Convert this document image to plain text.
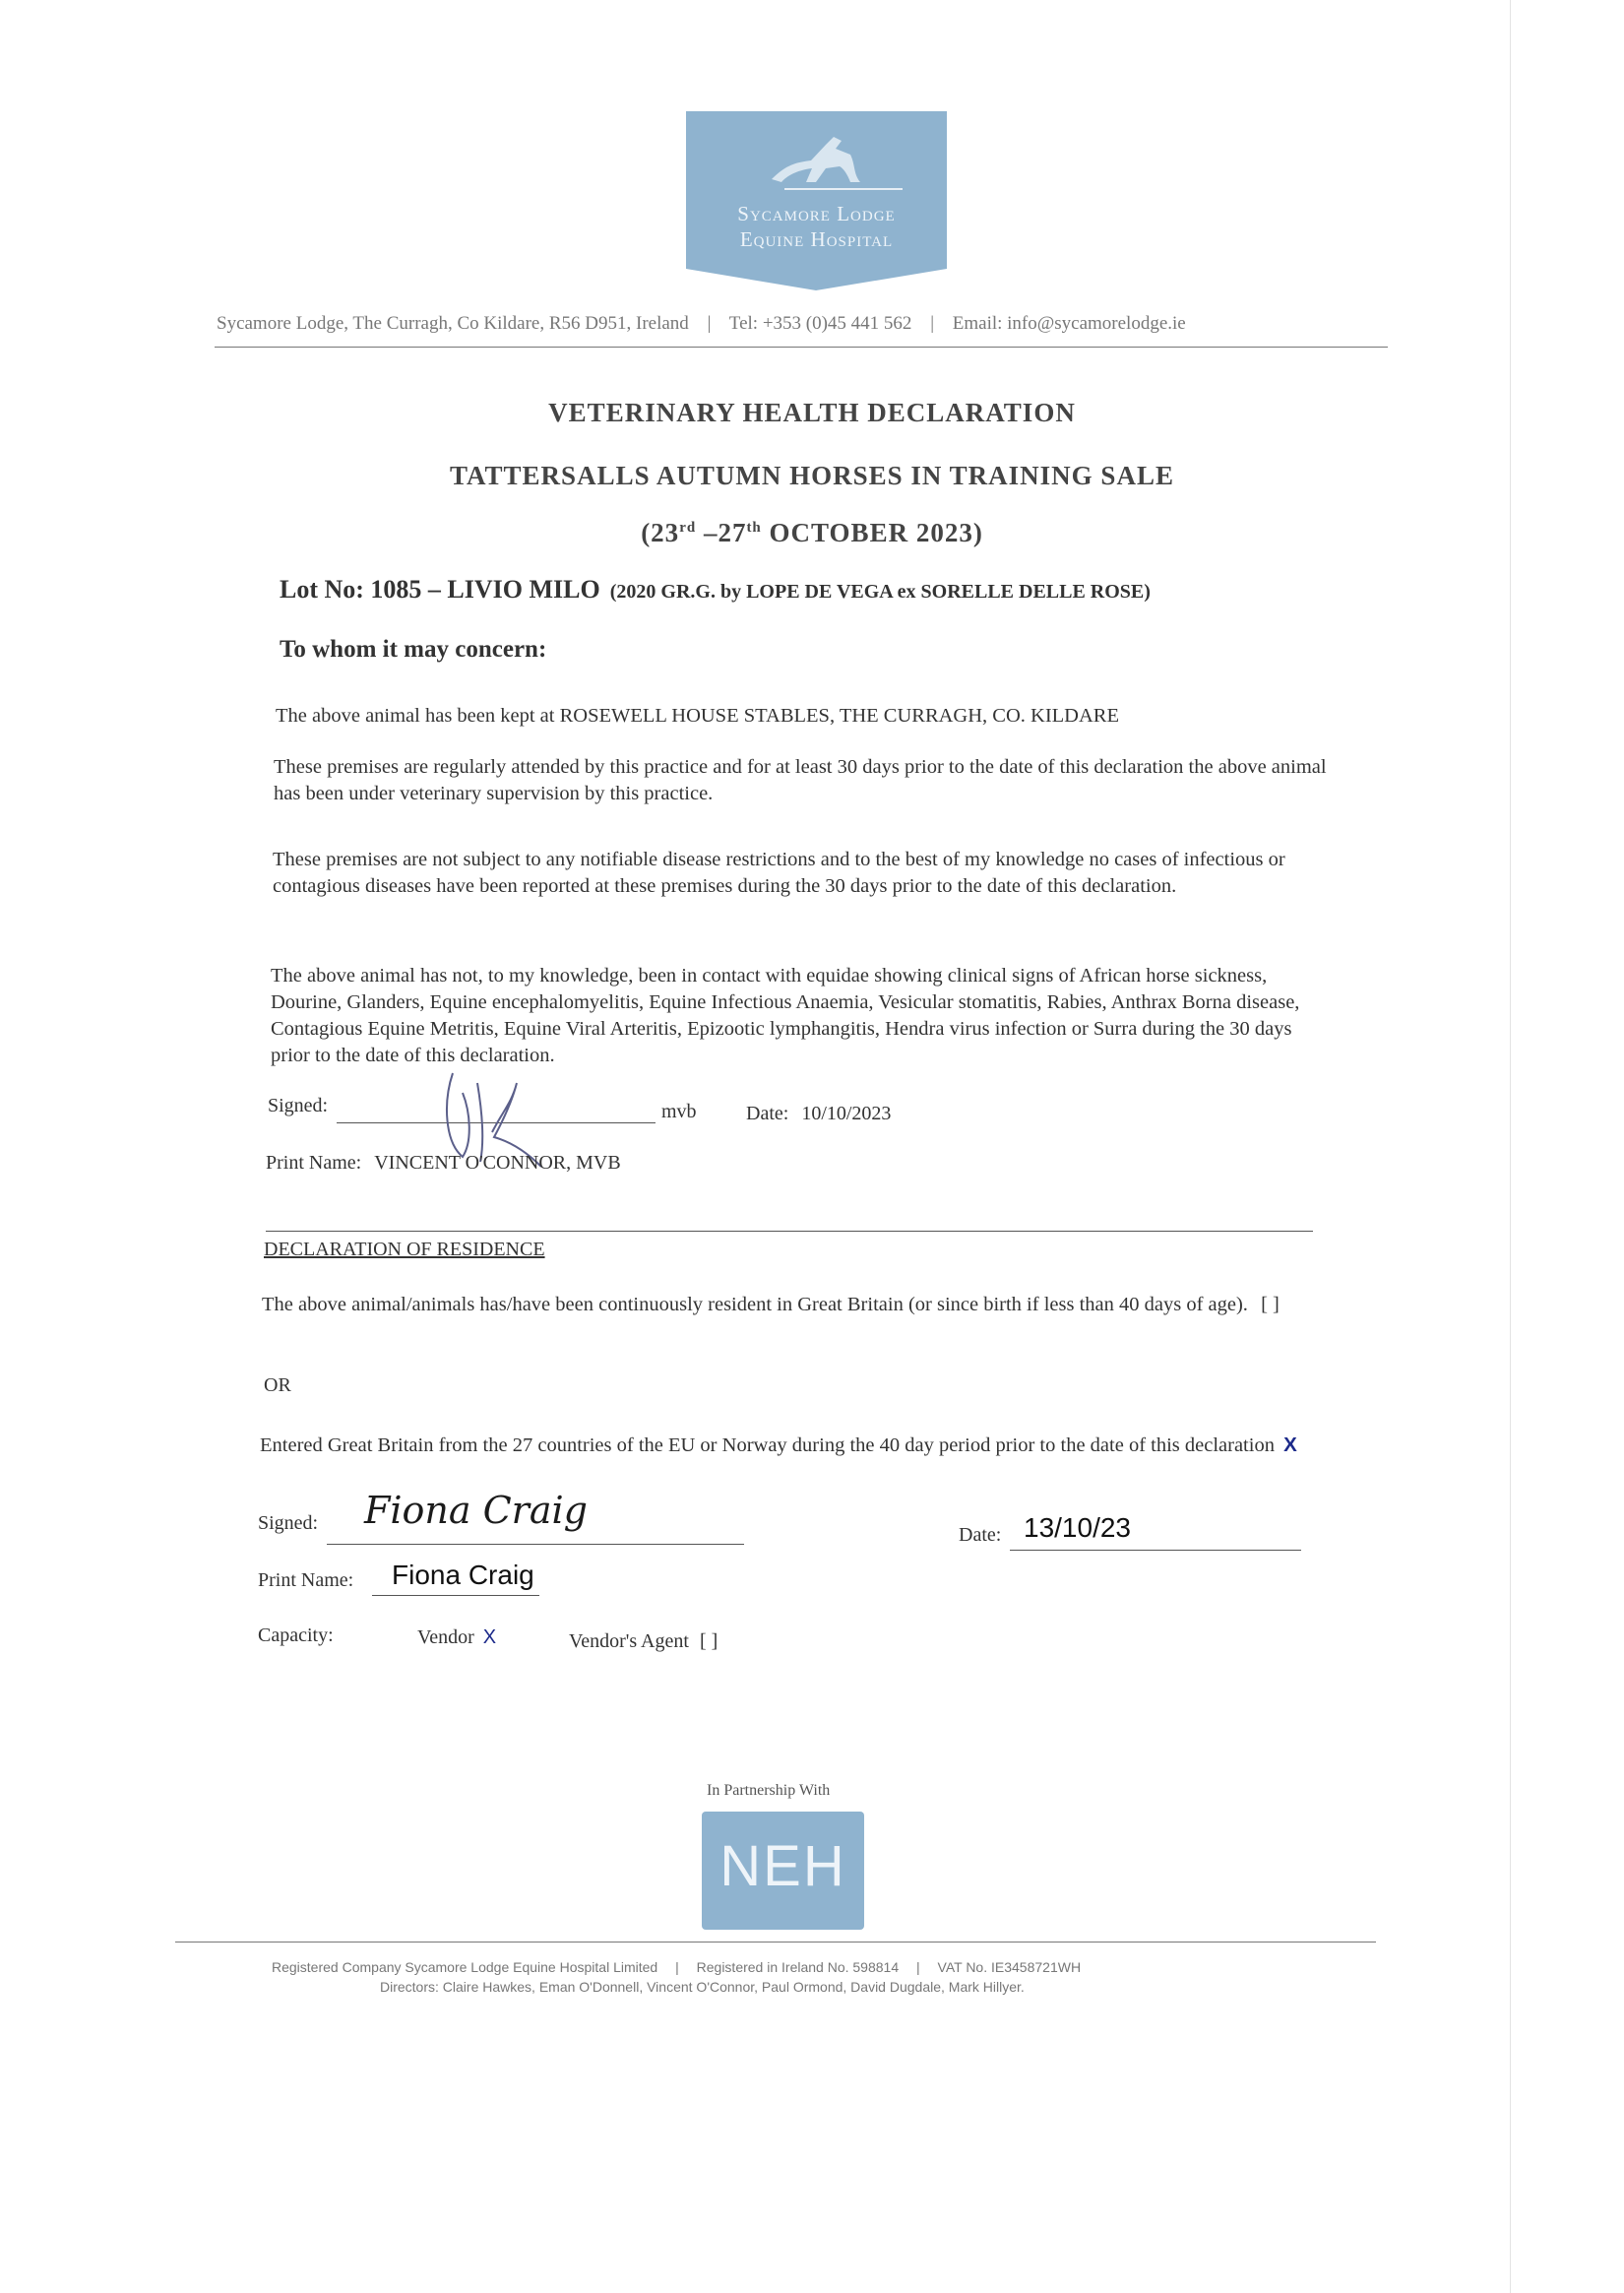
Sycamore Lodge
Equine Hospital
Sycamore Lodge, The Curragh, Co Kildare, R56 D951, Ireland | Tel: +353 (0)45 441 562 | Email: info@sycamorelodge.ie
VETERINARY HEALTH DECLARATION
TATTERSALLS AUTUMN HORSES IN TRAINING SALE
(23rd –27th OCTOBER 2023)
Lot No: 1085 – LIVIO MILO (2020 GR.G. by LOPE DE VEGA ex SORELLE DELLE ROSE)
To whom it may concern:
The above animal has been kept at ROSEWELL HOUSE STABLES, THE CURRAGH, CO. KILDARE
These premises are regularly attended by this practice and for at least 30 days prior to the date of this declaration the above animal has been under veterinary supervision by this practice.
These premises are not subject to any notifiable disease restrictions and to the best of my knowledge no cases of infectious or contagious diseases have been reported at these premises during the 30 days prior to the date of this declaration.
The above animal has not, to my knowledge, been in contact with equidae showing clinical signs of African horse sickness, Dourine, Glanders, Equine encephalomyelitis, Equine Infectious Anaemia, Vesicular stomatitis, Rabies, Anthrax Borna disease, Contagious Equine Metritis, Equine Viral Arteritis, Epizootic lymphangitis, Hendra virus infection or Surra during the 30 days prior to the date of this declaration.
Signed:	mvb	Date: 10/10/2023
Print Name: VINCENT O'CONNOR, MVB
DECLARATION OF RESIDENCE
The above animal/animals has/have been continuously resident in Great Britain (or since birth if less than 40 days of age). [ ]
OR
Entered Great Britain from the 27 countries of the EU or Norway during the 40 day period prior to the date of this declaration X
Signed: Fiona Craig
Date: 13/10/23
Print Name: Fiona Craig
Capacity:	Vendor X	Vendor's Agent [ ]
In Partnership With
NEH
Registered Company Sycamore Lodge Equine Hospital Limited | Registered in Ireland No. 598814 | VAT No. IE3458721WH
Directors: Claire Hawkes, Eman O'Donnell, Vincent O'Connor, Paul Ormond, David Dugdale, Mark Hillyer.
